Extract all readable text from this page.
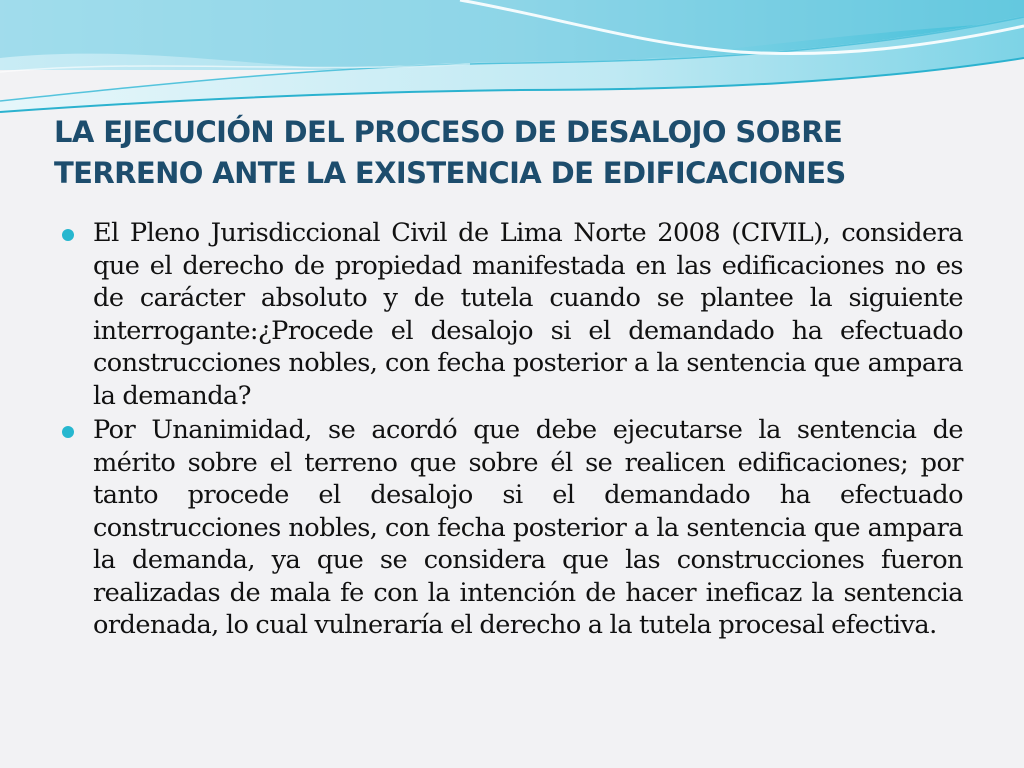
LA EJECUCIÓN DEL PROCESO DE DESALOJO SOBRE TERRENO ANTE LA EXISTENCIA DE EDIFICACIONES
El Pleno Jurisdiccional Civil de Lima Norte 2008 (CIVIL), considera que el derecho de propiedad manifestada en las edificaciones no es de carácter absoluto y de tutela cuando se plantee la siguiente interrogante:¿Procede el desalojo si el demandado ha efectuado construcciones nobles, con fecha posterior a la sentencia que ampara la demanda?
Por Unanimidad, se acordó que debe ejecutarse la sentencia de mérito sobre el terreno que sobre él se realicen edificaciones; por tanto procede el desalojo si el demandado ha efectuado construcciones nobles, con fecha posterior a la sentencia que ampara la demanda, ya que se considera que las construcciones fueron realizadas de mala fe con la intención de hacer ineficaz la sentencia ordenada, lo cual vulneraría el derecho a la tutela procesal efectiva.
